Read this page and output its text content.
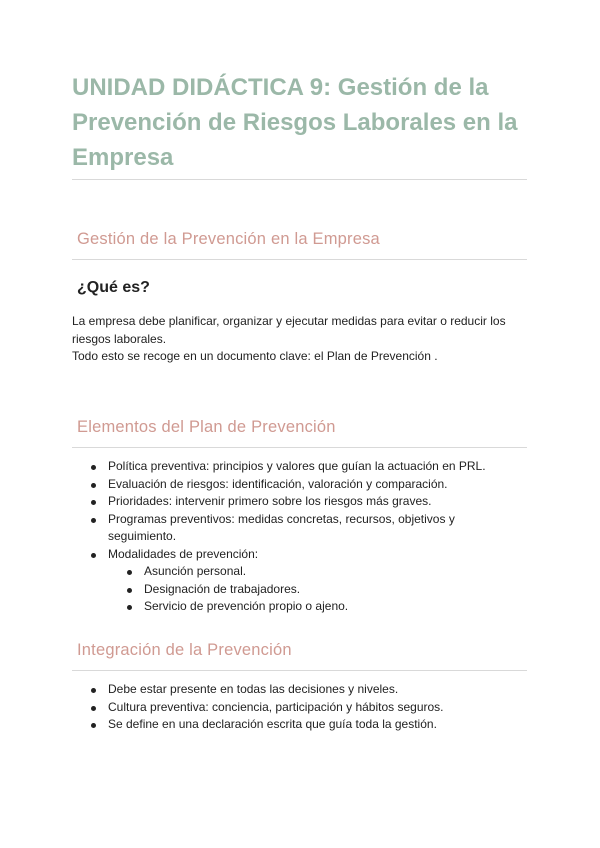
UNIDAD DIDÁCTICA 9: Gestión de la Prevención de Riesgos Laborales en la Empresa
Gestión de la Prevención en la Empresa
¿Qué es?

La empresa debe planificar, organizar y ejecutar medidas para evitar o reducir los riesgos laborales.
Todo esto se recoge en un documento clave: el Plan de Prevención .

Elementos del Plan de Prevención
Política preventiva: principios y valores que guían la actuación en PRL.
Evaluación de riesgos: identificación, valoración y comparación.
Prioridades: intervenir primero sobre los riesgos más graves.
Programas preventivos: medidas concretas, recursos, objetivos y seguimiento.
Modalidades de prevención:
Asunción personal.
Designación de trabajadores.
Servicio de prevención propio o ajeno.
Integración de la Prevención
Debe estar presente en todas las decisiones y niveles.
Cultura preventiva: conciencia, participación y hábitos seguros.
Se define en una declaración escrita que guía toda la gestión.
